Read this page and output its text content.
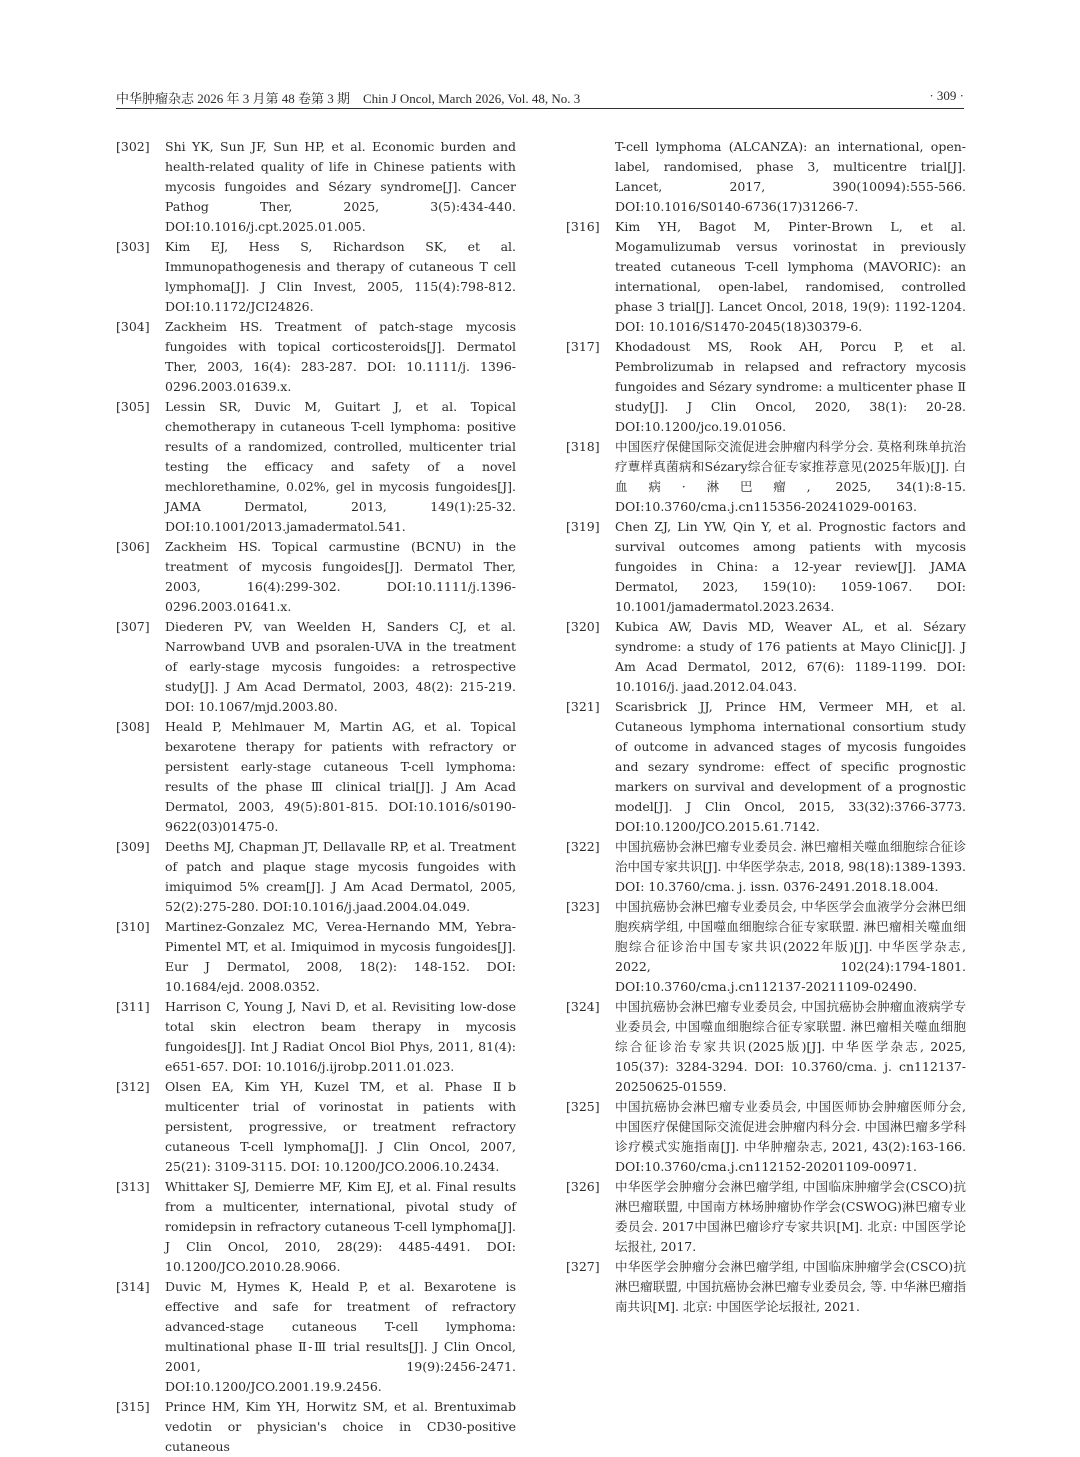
中华肿瘤杂志 2026 年 3 月第 48 卷第 3 期　Chin J Oncol, March 2026, Vol. 48, No. 3	· 309 ·
[302] Shi YK, Sun JF, Sun HP, et al. Economic burden and health-related quality of life in Chinese patients with mycosis fungoides and Sézary syndrome[J]. Cancer Pathog Ther, 2025, 3(5):434-440. DOI:10.1016/j.cpt.2025.01.005.
[303] Kim EJ, Hess S, Richardson SK, et al. Immunopathogenesis and therapy of cutaneous T cell lymphoma[J]. J Clin Invest, 2005, 115(4):798-812. DOI:10.1172/JCI24826.
[304] Zackheim HS. Treatment of patch-stage mycosis fungoides with topical corticosteroids[J]. Dermatol Ther, 2003, 16(4): 283-287. DOI: 10.1111/j. 1396-0296.2003.01639.x.
[305] Lessin SR, Duvic M, Guitart J, et al. Topical chemotherapy in cutaneous T-cell lymphoma: positive results of a randomized, controlled, multicenter trial testing the efficacy and safety of a novel mechlorethamine, 0.02%, gel in mycosis fungoides[J]. JAMA Dermatol, 2013, 149(1):25-32. DOI:10.1001/2013.jamadermatol.541.
[306] Zackheim HS. Topical carmustine (BCNU) in the treatment of mycosis fungoides[J]. Dermatol Ther, 2003, 16(4):299-302. DOI:10.1111/j.1396-0296.2003.01641.x.
[307] Diederen PV, van Weelden H, Sanders CJ, et al. Narrowband UVB and psoralen-UVA in the treatment of early-stage mycosis fungoides: a retrospective study[J]. J Am Acad Dermatol, 2003, 48(2): 215-219. DOI: 10.1067/mjd.2003.80.
[308] Heald P, Mehlmauer M, Martin AG, et al. Topical bexarotene therapy for patients with refractory or persistent early-stage cutaneous T-cell lymphoma: results of the phase Ⅲ clinical trial[J]. J Am Acad Dermatol, 2003, 49(5):801-815. DOI:10.1016/s0190-9622(03)01475-0.
[309] Deeths MJ, Chapman JT, Dellavalle RP, et al. Treatment of patch and plaque stage mycosis fungoides with imiquimod 5% cream[J]. J Am Acad Dermatol, 2005, 52(2):275-280. DOI:10.1016/j.jaad.2004.04.049.
[310] Martinez-Gonzalez MC, Verea-Hernando MM, Yebra-Pimentel MT, et al. Imiquimod in mycosis fungoides[J]. Eur J Dermatol, 2008, 18(2): 148-152. DOI: 10.1684/ejd. 2008.0352.
[311] Harrison C, Young J, Navi D, et al. Revisiting low-dose total skin electron beam therapy in mycosis fungoides[J]. Int J Radiat Oncol Biol Phys, 2011, 81(4): e651-657. DOI: 10.1016/j.ijrobp.2011.01.023.
[312] Olsen EA, Kim YH, Kuzel TM, et al. Phase Ⅱb multicenter trial of vorinostat in patients with persistent, progressive, or treatment refractory cutaneous T-cell lymphoma[J]. J Clin Oncol, 2007, 25(21): 3109-3115. DOI: 10.1200/JCO.2006.10.2434.
[313] Whittaker SJ, Demierre MF, Kim EJ, et al. Final results from a multicenter, international, pivotal study of romidepsin in refractory cutaneous T-cell lymphoma[J]. J Clin Oncol, 2010, 28(29): 4485-4491. DOI: 10.1200/JCO.2010.28.9066.
[314] Duvic M, Hymes K, Heald P, et al. Bexarotene is effective and safe for treatment of refractory advanced-stage cutaneous T-cell lymphoma: multinational phase Ⅱ-Ⅲ trial results[J]. J Clin Oncol, 2001, 19(9):2456-2471. DOI:10.1200/JCO.2001.19.9.2456.
[315] Prince HM, Kim YH, Horwitz SM, et al. Brentuximab vedotin or physician's choice in CD30-positive cutaneous
T-cell lymphoma (ALCANZA): an international, open-label, randomised, phase 3, multicentre trial[J]. Lancet, 2017, 390(10094):555-566. DOI:10.1016/S0140-6736(17)31266-7.
[316] Kim YH, Bagot M, Pinter-Brown L, et al. Mogamulizumab versus vorinostat in previously treated cutaneous T-cell lymphoma (MAVORIC): an international, open-label, randomised, controlled phase 3 trial[J]. Lancet Oncol, 2018, 19(9): 1192-1204. DOI: 10.1016/S1470-2045(18)30379-6.
[317] Khodadoust MS, Rook AH, Porcu P, et al. Pembrolizumab in relapsed and refractory mycosis fungoides and Sézary syndrome: a multicenter phase Ⅱ study[J]. J Clin Oncol, 2020, 38(1): 20-28. DOI:10.1200/jco.19.01056.
[318] 中国医疗保健国际交流促进会肿瘤内科学分会. 莫格利珠单抗治疗蕈样真菌病和Sézary综合征专家推荐意见(2025年版)[J]. 白血病·淋巴瘤, 2025, 34(1):8-15. DOI:10.3760/cma.j.cn115356-20241029-00163.
[319] Chen ZJ, Lin YW, Qin Y, et al. Prognostic factors and survival outcomes among patients with mycosis fungoides in China: a 12-year review[J]. JAMA Dermatol, 2023, 159(10): 1059-1067. DOI: 10.1001/jamadermatol.2023.2634.
[320] Kubica AW, Davis MD, Weaver AL, et al. Sézary syndrome: a study of 176 patients at Mayo Clinic[J]. J Am Acad Dermatol, 2012, 67(6): 1189-1199. DOI: 10.1016/j. jaad.2012.04.043.
[321] Scarisbrick JJ, Prince HM, Vermeer MH, et al. Cutaneous lymphoma international consortium study of outcome in advanced stages of mycosis fungoides and sezary syndrome: effect of specific prognostic markers on survival and development of a prognostic model[J]. J Clin Oncol, 2015, 33(32):3766-3773. DOI:10.1200/JCO.2015.61.7142.
[322] 中国抗癌协会淋巴瘤专业委员会. 淋巴瘤相关噬血细胞综合征诊治中国专家共识[J]. 中华医学杂志, 2018, 98(18):1389-1393. DOI: 10.3760/cma. j. issn. 0376-2491.2018.18.004.
[323] 中国抗癌协会淋巴瘤专业委员会, 中华医学会血液学分会淋巴细胞疾病学组, 中国噬血细胞综合征专家联盟. 淋巴瘤相关噬血细胞综合征诊治中国专家共识(2022年版)[J]. 中华医学杂志, 2022, 102(24):1794-1801. DOI:10.3760/cma.j.cn112137-20211109-02490.
[324] 中国抗癌协会淋巴瘤专业委员会, 中国抗癌协会肿瘤血液病学专业委员会, 中国噬血细胞综合征专家联盟. 淋巴瘤相关噬血细胞综合征诊治专家共识(2025版)[J]. 中华医学杂志, 2025, 105(37): 3284-3294. DOI: 10.3760/cma. j. cn112137-20250625-01559.
[325] 中国抗癌协会淋巴瘤专业委员会, 中国医师协会肿瘤医师分会, 中国医疗保健国际交流促进会肿瘤内科分会. 中国淋巴瘤多学科诊疗模式实施指南[J]. 中华肿瘤杂志, 2021, 43(2):163-166. DOI:10.3760/cma.j.cn112152-20201109-00971.
[326] 中华医学会肿瘤分会淋巴瘤学组, 中国临床肿瘤学会(CSCO)抗淋巴瘤联盟, 中国南方林场肿瘤协作学会(CSWOG)淋巴瘤专业委员会. 2017中国淋巴瘤诊疗专家共识[M]. 北京: 中国医学论坛报社, 2017.
[327] 中华医学会肿瘤分会淋巴瘤学组, 中国临床肿瘤学会(CSCO)抗淋巴瘤联盟, 中国抗癌协会淋巴瘤专业委员会, 等. 中华淋巴瘤指南共识[M]. 北京: 中国医学论坛报社, 2021.
